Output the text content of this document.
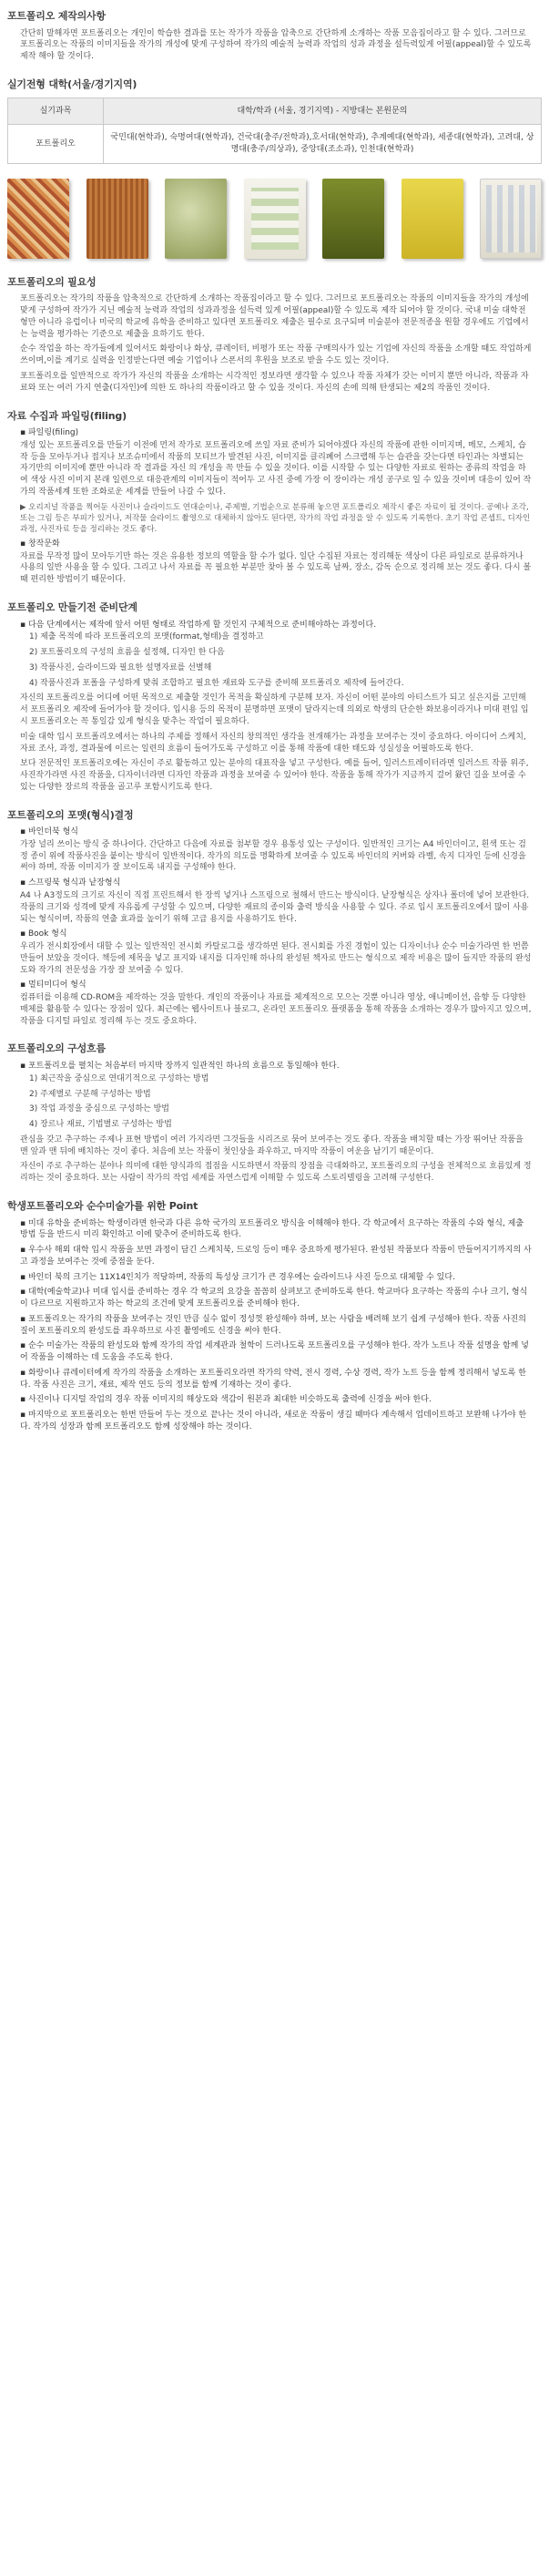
포트폴리오 제작의사항

간단히 말해자면 포트폴리오는 개인이 학습한 결과를 또는 작가가 작품을 압축으로 간단하게 소개하는 작품 모음집이라고 할 수 있다. 그러므로 포트폴리오는 작품의 이미지들을 작가의 개성에 맞게 구성하여 작가의 예술적 능력과 작업의 성과 과정을 설득력있게 어필(appeal)할 수 있도록 제작 해야 할 것이다.

실기전형 대학(서울/경기지역)
실기과목	대학/학과 (서울, 경기지역) - 지방대는 본원문의
포트폴리오	국민대(현학과), 숙명여대(현학과), 건국대(충주/전학과),호서대(현학과), 추계예대(현학과), 세종대(현학과), 고려대, 상명대(충주/의상과), 중앙대(조소과), 인천대(현학과)
포트폴리오의 필요성

포트폴리오는 작가의 작품을 압축적으로 간단하게 소개하는 작품집이라고 할 수 있다. 그러므로 포트폴리오는 작품의 이미지들을 작가의 개성에 맞게 구성하여 작가가 지닌 예술적 능력과 작업의 성과과정을 설득력 있게 어필(appeal)할 수 있도록 제작 되어야 할 것이다. 국내 미술 대학전형만 아니라 유럽이나 미국의 학교에 유학을 준비하고 있다면 포트폴리오 제출은 필수로 요구되며 미술분야 전문적종을 원할 경우에도 기업에서는 능력을 평가하는 기준으로 제출을 요하기도 한다.

순수 작업을 하는 작가들에게 있어서도 화랑이나 화상, 큐레이터, 비평가 또는 작품 구매의사가 있는 기업에 자신의 작품을 소개할 때도 작업하게 쓰이며,이를 계기로 실력을 인정받는다면 예술 기업이나 스폰서의 후원을 보조로 받을 수도 있는 것이다.

포트폴리오를 일반적으로 작가가 자신의 작품을 소개하는 시각적인 정보라면 생각할 수 있으나 작품 자체가 갖는 이미지 뿐만 아니라, 작품과 자료와 또는 여러 가지 연출(디자인)에 의한 도 하나의 작품이라고 할 수 있을 것이다. 자신의 손에 의해 탄생되는 제2의 작품인 것이다.

자료 수집과 파일링(filing)
▪ 파일링(filing)

개성 있는 포트폴리오를 만들기 이전에 먼저 작가로 포트폴리오에 쓰일 자료 준비가 되어야겠다 자신의 작품에 관한 이미지며, 메모, 스케치, 습작 등을 모아두거나 접지나 보조슈미에서 작품의 모티브가 발견된 사진, 이미지를 클리폐어 스크랩해 두는 습관을 갖는다면 타인과는 차별되는 자기만의 이미지에 뿐만 아니라 작 결과를 자신 의 개성을 꼭 만들 수 있을 것이다. 이를 시작할 수 있는 다양한 자료로 원하는 종류의 작업을 하여 색상 사진 이미지 본래 일련으로 대응관계의 이미지들이 적어두 고 사진 중에 가장 이 장이라는 개성 공구로 일 수 있을 것이며 대응이 있어 작가의 작품세계 또한 조화로운 세계를 만들어 나갈 수 있다.

▶ 오리지널 작품을 찍어둔 사진이나 슬라이드도 연대순이나, 주제별, 기법순으로 분류해 놓으면 포트폴리오 제작시 좋은 자료이 될 것이다. 공예나 조각, 또는 그림 등은 부피가 있거나, 저작물 슬라이드 촬영으로 대체하지 않아도 된다면, 작가의 작업 과정을 알 수 있도록 기록한다. 초기 작업 콘셉트, 디자인 과정, 사진자료 등을 정리하는 것도 좋다.

▪ 창작문화

자료를 무작정 많이 모아두기만 하는 것은 유용한 정보의 역할을 할 수가 없다. 일단 수집된 자료는 정리해둔 색상이 다른 파일로로 분류하거나 사용의 일반 사용을 할 수 있다. 그리고 나서 자료를 꼭 필요한 부분만 찾아 볼 수 있도록 날짜, 장소, 감독 순으로 정리해 보는 것도 좋다. 다시 볼 때 편리한 방법이기 때문이다.

포트폴리오 만들기전 준비단계
▪ 다음 단계에서는 제작에 앞서 어떤 형태로 작업하게 할 것인지 구체적으로 준비해야하는 과정이다.

1) 제출 목적에 따라 포트폴리오의 포맷(format,형태)을 결정하고

2) 포트폴리오의 구성의 흐름을 설정해, 디자인 한 다음

3) 작품사진, 슬라이드와 필요한 설명자료를 선별해

4) 작품사진과 포폴을 구성하게 맞춰 조합하고 필요한 재료와 도구를 준비해 포트폴리오 제작에 들어간다.

자신의 포트폴리오를 어디에 어떤 목적으로 제출할 것인가 목적을 확실하게 구분해 보자. 자신이 어떤 분야의 아티스트가 되고 싶은지를 고민해서 포트폴리오 제작에 들어가야 할 것이다. 입시용 등의 목적이 분명하면 포맷이 달라지는데 의외로 학생의 단순한 화보용이라거나 미대 편입 입시 포트폴리오는 꼭 통일감 있게 형식을 맞추는 작업이 필요하다.

미술 대학 입시 포트폴리오에서는 하나의 주제를 정해서 자신의 창의적인 생각을 전개해가는 과정을 보여주는 것이 중요하다. 아이디어 스케치, 자료 조사, 과정, 결과물에 이르는 일련의 흐름이 들어가도록 구성하고 이를 통해 작품에 대한 태도와 성실성을 어필하도록 한다.

보다 전문적인 포트폴리오에는 자신이 주로 활동하고 있는 분야의 대표작을 넣고 구성한다. 예를 들어, 일러스트레이터라면 일러스트 작품 위주, 사진작가라면 사진 작품을, 디자이너라면 디자인 작품과 과정을 보여줄 수 있어야 한다. 작품을 통해 작가가 지금까지 걸어 왔던 길을 보여줄 수 있는 다양한 장르의 작품을 골고루 포함시키도록 한다.

포트폴리오의 포맷(형식)결정
▪ 바인더북 형식

가장 널리 쓰이는 방식 중 하나이다. 간단하고 다음에 자료를 첨부할 경우 용통성 있는 구성이다. 일반적인 크기는 A4 바인더이고, 흰색 또는 검정 종이 위에 작품사진을 붙이는 방식이 일반적이다. 작가의 의도를 명확하게 보여줄 수 있도록 바인더의 커버와 라벨, 속지 디자인 등에 신경을 써야 하며, 작품 이미지가 잘 보이도록 내지를 구성해야 한다.

▪ 스프링북 형식과 낱장형식

A4 나 A3정도의 크기로 자신이 직접 프린트해서 한 장씩 넣거나 스프링으로 철해서 만드는 방식이다. 낱장형식은 상자나 폴더에 넣어 보관한다. 작품의 크기와 성격에 맞게 자유롭게 구성할 수 있으며, 다양한 재료의 종이와 출력 방식을 사용할 수 있다. 주로 입시 포트폴리오에서 많이 사용되는 형식이며, 작품의 연출 효과를 높이기 위해 고급 용지를 사용하기도 한다.

▪ Book 형식

우리가 전시회장에서 대할 수 있는 일반적인 전시회 카탈로그를 생각하면 된다. 전시회를 가진 경험이 있는 디자이너나 순수 미술가라면 한 번쯤 만들어 보았을 것이다. 책등에 제목을 넣고 표지와 내지를 디자인해 하나의 완성된 책자로 만드는 형식으로 제작 비용은 많이 들지만 작품의 완성도와 작가의 전문성을 가장 잘 보여줄 수 있다.

▪ 멀티미디어 형식

컴퓨터를 이용해 CD-ROM을 제작하는 것을 말한다. 개인의 작품이나 자료를 체계적으로 모으는 것뿐 아니라 영상, 애니메이션, 음향 등 다양한 매체를 활용할 수 있다는 장점이 있다. 최근에는 웹사이트나 블로그, 온라인 포트폴리오 플랫폼을 통해 작품을 소개하는 경우가 많아지고 있으며, 작품을 디지털 파일로 정리해 두는 것도 중요하다.

포트폴리오의 구성흐름
▪ 포트폴리오를 펼치는 처음부터 마지막 장까지 일관적인 하나의 흐름으로 통일해야 한다.

1) 최근작을 중심으로 연대기적으로 구성하는 방법

2) 주제별로 구분해 구성하는 방법

3) 작업 과정을 중심으로 구성하는 방법

4) 장르나 재료, 기법별로 구성하는 방법

관심을 갖고 추구하는 주제나 표현 방법이 여러 가지라면 그것들을 시리즈로 묶어 보여주는 것도 좋다. 작품을 배치할 때는 가장 뛰어난 작품을 맨 앞과 맨 뒤에 배치하는 것이 좋다. 처음에 보는 작품이 첫인상을 좌우하고, 마지막 작품이 여운을 남기기 때문이다.

자신이 주로 추구하는 분야나 의미에 대한 양식과의 접점을 시도하면서 작품의 장점을 극대화하고, 포트폴리오의 구성을 전체적으로 흐름있게 정리하는 것이 중요하다. 보는 사람이 작가의 작업 세계를 자연스럽게 이해할 수 있도록 스토리텔링을 고려해 구성한다.

학생포트폴리오와 순수미술가를 위한 Point
▪ 미대 유학을 준비하는 학생이라면 한국과 다른 유학 국가의 포트폴리오 방식을 이해해야 한다. 각 학교에서 요구하는 작품의 수와 형식, 제출 방법 등을 반드시 미리 확인하고 이에 맞추어 준비하도록 한다.
▪ 우수사 해외 대학 입시 작품을 보면 과정이 담긴 스케치북, 드로잉 등이 매우 중요하게 평가된다. 완성된 작품보다 작품이 만들어지기까지의 사고 과정을 보여주는 것에 중점을 둔다.
▪ 바인더 북의 크기는 11X14인치가 적당하며, 작품의 특성상 크기가 큰 경우에는 슬라이드나 사진 등으로 대체할 수 있다.
▪ 대학(예술학교)나 미대 입시를 준비하는 경우 각 학교의 요강을 꼼꼼히 살펴보고 준비하도록 한다. 학교마다 요구하는 작품의 수나 크기, 형식이 다르므로 지원하고자 하는 학교의 조건에 맞게 포트폴리오를 준비해야 한다.
▪ 포트폴리오는 작가의 작품을 보여주는 것인 만큼 실수 없이 정성껏 완성해야 하며, 보는 사람을 배려해 보기 쉽게 구성해야 한다. 작품 사진의 질이 포트폴리오의 완성도를 좌우하므로 사진 촬영에도 신경을 써야 한다.
▪ 순수 미술가는 작품의 완성도와 함께 작가의 작업 세계관과 철학이 드러나도록 포트폴리오를 구성해야 한다. 작가 노트나 작품 설명을 함께 넣어 작품을 이해하는 데 도움을 주도록 한다.
▪ 화랑이나 큐레이터에게 작가의 작품을 소개하는 포트폴리오라면 작가의 약력, 전시 경력, 수상 경력, 작가 노트 등을 함께 정리해서 넣도록 한다. 작품 사진은 크기, 재료, 제작 연도 등의 정보를 함께 기재하는 것이 좋다.
▪ 사진이나 디지털 작업의 경우 작품 이미지의 해상도와 색감이 원본과 최대한 비슷하도록 출력에 신경을 써야 한다.
▪ 마지막으로 포트폴리오는 한번 만들어 두는 것으로 끝나는 것이 아니라, 새로운 작품이 생길 때마다 계속해서 업데이트하고 보완해 나가야 한다. 작가의 성장과 함께 포트폴리오도 함께 성장해야 하는 것이다.
